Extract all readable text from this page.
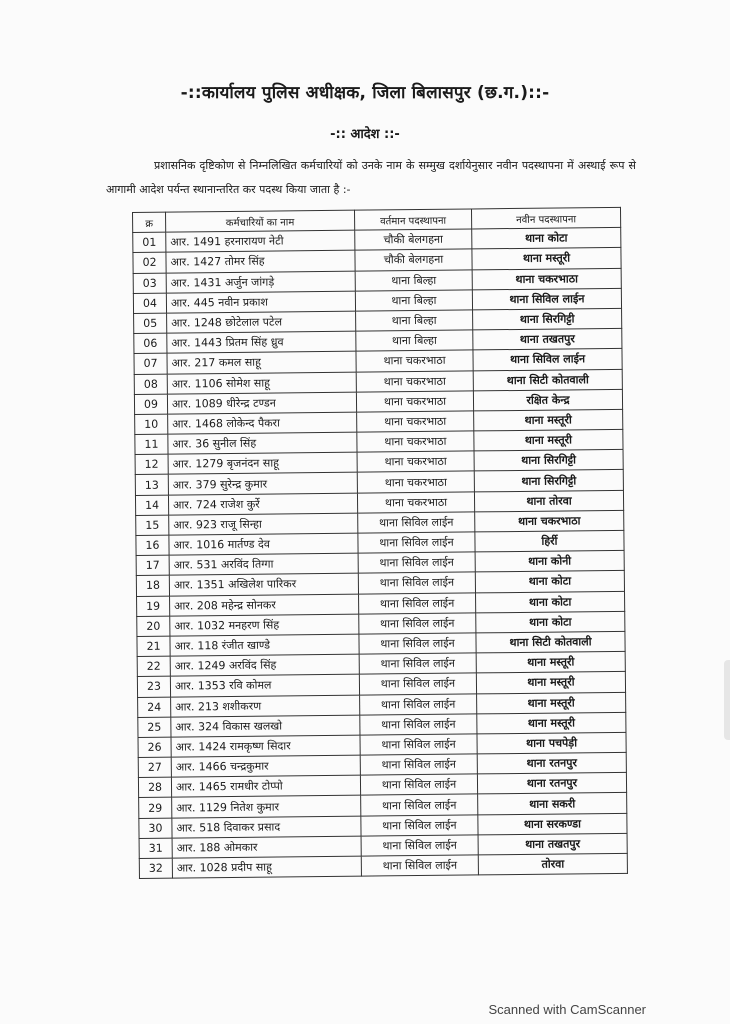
-::कार्यालय पुलिस अधीक्षक, जिला बिलासपुर (छ.ग.)::-
-:: आदेश ::-
प्रशासनिक दृष्टिकोण से निम्नलिखित कर्मचारियों को उनके नाम के सम्मुख दर्शायेनुसार नवीन पदस्थापना में अस्थाई रूप से आगामी आदेश पर्यन्त स्थानान्तरित कर पदस्थ किया जाता है :-
क्र	कर्मचारियों का नाम	वर्तमान पदस्थापना	नवीन पदस्थापना
01	आर. 1491 हरनारायण नेटी	चौकी बेलगहना	थाना कोटा
02	आर. 1427 तोमर सिंह	चौकी बेलगहना	थाना मस्तूरी
03	आर. 1431 अर्जुन जांगड़े	थाना बिल्हा	थाना चकरभाठा
04	आर. 445 नवीन प्रकाश	थाना बिल्हा	थाना सिविल लाईन
05	आर. 1248 छोटेलाल पटेल	थाना बिल्हा	थाना सिरगिट्टी
06	आर. 1443 प्रितम सिंह ध्रुव	थाना बिल्हा	थाना तखतपुर
07	आर. 217 कमल साहू	थाना चकरभाठा	थाना सिविल लाईन
08	आर. 1106 सोमेश साहू	थाना चकरभाठा	थाना सिटी कोतवाली
09	आर. 1089 धीरेन्द्र टण्डन	थाना चकरभाठा	रक्षित केन्द्र
10	आर. 1468 लोकेन्द पैकरा	थाना चकरभाठा	थाना मस्तूरी
11	आर. 36 सुनील सिंह	थाना चकरभाठा	थाना मस्तूरी
12	आर. 1279 बृजनंदन साहू	थाना चकरभाठा	थाना सिरगिट्टी
13	आर. 379 सुरेन्द्र कुमार	थाना चकरभाठा	थाना सिरगिट्टी
14	आर. 724 राजेश कुर्रे	थाना चकरभाठा	थाना तोरवा
15	आर. 923 राजू सिन्हा	थाना सिविल लाईन	थाना चकरभाठा
16	आर. 1016 मार्तण्ड देव	थाना सिविल लाईन	हिर्री
17	आर. 531 अरविंद तिग्गा	थाना सिविल लाईन	थाना कोनी
18	आर. 1351 अखिलेश पारिकर	थाना सिविल लाईन	थाना कोटा
19	आर. 208 महेन्द्र सोनकर	थाना सिविल लाईन	थाना कोटा
20	आर. 1032 मनहरण सिंह	थाना सिविल लाईन	थाना कोटा
21	आर. 118 रंजीत खाण्डे	थाना सिविल लाईन	थाना सिटी कोतवाली
22	आर. 1249 अरविंद सिंह	थाना सिविल लाईन	थाना मस्तूरी
23	आर. 1353 रवि कोमल	थाना सिविल लाईन	थाना मस्तूरी
24	आर. 213 शशीकरण	थाना सिविल लाईन	थाना मस्तूरी
25	आर. 324 विकास खलखो	थाना सिविल लाईन	थाना मस्तूरी
26	आर. 1424 रामकृष्ण सिदार	थाना सिविल लाईन	थाना पचपेड़ी
27	आर. 1466 चन्द्रकुमार	थाना सिविल लाईन	थाना रतनपुर
28	आर. 1465 रामधीर टोप्पो	थाना सिविल लाईन	थाना रतनपुर
29	आर. 1129 नितेश कुमार	थाना सिविल लाईन	थाना सकरी
30	आर. 518 दिवाकर प्रसाद	थाना सिविल लाईन	थाना सरकण्डा
31	आर. 188 ओमकार	थाना सिविल लाईन	थाना तखतपुर
32	आर. 1028 प्रदीप साहू	थाना सिविल लाईन	तोरवा
Scanned with CamScanner
